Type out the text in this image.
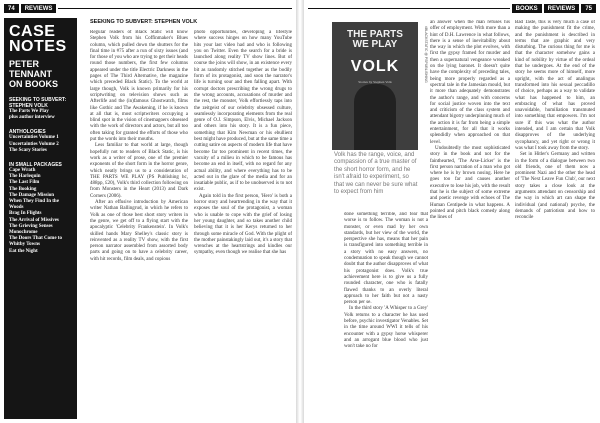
74	REVIEWS
CASE
NOTES
PETER TENNANT
ON BOOKS
SEEKING TO SUBVERT: STEPHEN VOLK
The Parts We Play
plus author interview
ANTHOLOGIES
Uncertainties Volume 1
Uncertainties Volume 2
The Scary Stories
IN SMALL PACKAGES
Cape Wrath
The Harlequin
The Last Film
The Booking
The Damage Mission
When They Find In the Woods
Brag In Flights
The Arrival of Missives
The Grieving Senses
Monochrome
The Doors That Come to Whitby Towns
Eat the Night
SEEKING TO SUBVERT: STEPHEN VOLK

Regular readers of Black Static will know Stephen Volk from his Coffinmaker's Blues column, which pulled down the shutters for the final time in #75 after a run of sixty issues (and for those of you who are trying to get their heads round those numbers, the first few columns appeared under the title Electric Darkness in the pages of The Third Alternative, the magazine which preceded Black Static). To the world at large though, Volk is known primarily for his scriptwriting on television shows such as Afterlife and the (in)famous Ghostwatch, films like Gothic and The Awakening, if he is known at all that is, most scriptwriters occupying a blind spot in the vision of cinemagoers obsessed with the work of directors and actors, but all too often taking for granted the efforts of those who put the words into their mouths.

Less familiar to that world at large, though hopefully not to readers of Black Static, is his work as a writer of prose, one of the premier exponents of the short form in the horror genre, which neatly brings us to a consideration of THE PARTS WE PLAY (PS Publishing hc, 488pp, £20), Volk's third collection following on from Monsters in the Heart (2013) and Dark Corners (2006).

After an effusive introduction by American writer Nathan Ballingrud, in which he refers to Volk as one of those best short story writers in the genre, we get off to a flying start with the apocalyptic 'Celebrity Frankenstein'. In Volk's skilled hands Mary Shelley's classic story is reinvented as a reality TV show, with the first person narrator assembled from assorted body parts and going on to have a celebrity career, with hit records, film deals, and copious

photo opportunities, developing a lifestyle where success hinges on how many YouTube hits your last video had and who is following you on Twitter. Even the search for a bride is launched along reality TV show lines. But of course the joins will show, in an existence every bit as randomly stitched together as the bodily form of its protagonist, and soon the narrator's life is turning sour and then falling apart. With corrupt doctors prescribing the wrong drugs to the wrong accounts, accusations of murder and the rest, the monster, Volk effortlessly taps into the zeitgeist of our celebrity obsessed culture, seamlessly incorporating elements from the real genre of O.J. Simpson, Elvis, Michael Jackson and others into his story. It is a fun piece, something that Kim Newman or his ebullient best might have produced, but at the same time a cutting satire on aspects of modern life that have become far too prominent in recent times, the vacuity of a milieu in which to be famous has become an end in itself, with no regard for any actual ability, and where everything has to be acted out in the glare of the media and for an insatiable public, as if to be unobserved is to not exist.

Again told in the first person, 'Hero' is both a horror story and heartrending in the way that it exposes the soul of the protagonist, a woman who is unable to cope with the grief of losing her young daughter, and so takes another child believing that it is her Kerys returned to her through some miracle of God. With the plight of the mother painstakingly laid out, it's a story that wrenches at the heartstrings and kindles our sympathy, even though we realise that she has

BOOKS	REVIEWS	75
THE PARTS WE PLAY
VOLK
Stories by Stephen Volk	#BLACKSTATIC @ PSPUBLISHING
Volk has the range, voice, and compassion of a true master of the short horror form, and he isn't afraid to experiment, so that we can never be sure what to expect from him

done something terrible, and fear that worse is to follow. The woman is not a monster, or even mad by her own standards, but her view of the world, the perspective she has, means that her pain is transfigured into something terrible in a story with no easy answers, no condemnation to speak though we cannot doubt that the author disapproves of what his protagonist does. Volk's true achievement here is to give us a fully rounded character, one who is fatally flawed thanks to an overly literal approach to her faith but not a nasty person per se.

In the third story 'A Whisper to a Grey' Volk returns to a character he has used before, psychic investigator Venables. Set in the time around WWI it tells of his encounter with a gypsy horse whisperer and an arrogant blue blood who just won't take no for

an answer when the man refuses his offer of employment. With more than a hint of D.H. Lawrence in what follows, there is a sense of inevitability about the way in which the plot evolves, with first the gypsy framed for murder and then a supernatural vengeance wreaked on the lying baronet. It doesn't quite have the complexity of preceding tales, being more properly regarded as a spectral tale in the Jamesian mould, but it more than adequately demonstrates the author's range, and with concerns for social justice woven into the text and criticism of the class system and attendant bigotry underpinning much of the action it is far from being a simple entertainment, for all that it works splendidly when approached on that level.

Undoubtedly the most sophisticated story in the book and not for the fainthearted, 'The Arse-Licker' is the first person narration of a man who got where he is by brown nosing. Here he goes too far and causes another executive to lose his job, with the result that he is the subject of some extreme and poetic revenge with echoes of The Human Centipede in what happens. A pointed and pitch black comedy along the lines of

Bad Taste, this is very much a case of making the punishment fit the crime, and the punishment is described in terms that are graphic and very disturbing. The curious thing for me is that the character somehow gains a kind of nobility by virtue of the ordeal that he undergoes. At the end of the story he seems more of himself, more upright, with the act of analingus transformed into his sexual peccadillo of choice, perhaps as a way to validate what has happened to him, an embracing of what has proved unavoidable, humiliation transmuted into something that empowers. I'm not sure if this was what the author intended, and I am certain that Volk disapproves of the underlying sycophancy, and yet right or wrong it was what I took away from the story.

Set in Hitler's Germany and written in the form of a dialogue between two old friends, one of them now a prominent Nazi and the other the head of 'The Next Leave Fun Club', our next story takes a close look at the arguments attendant on censorship and the way in which art can shape the individual (and national) psyche, the demands of patriotism and how to reconcile
